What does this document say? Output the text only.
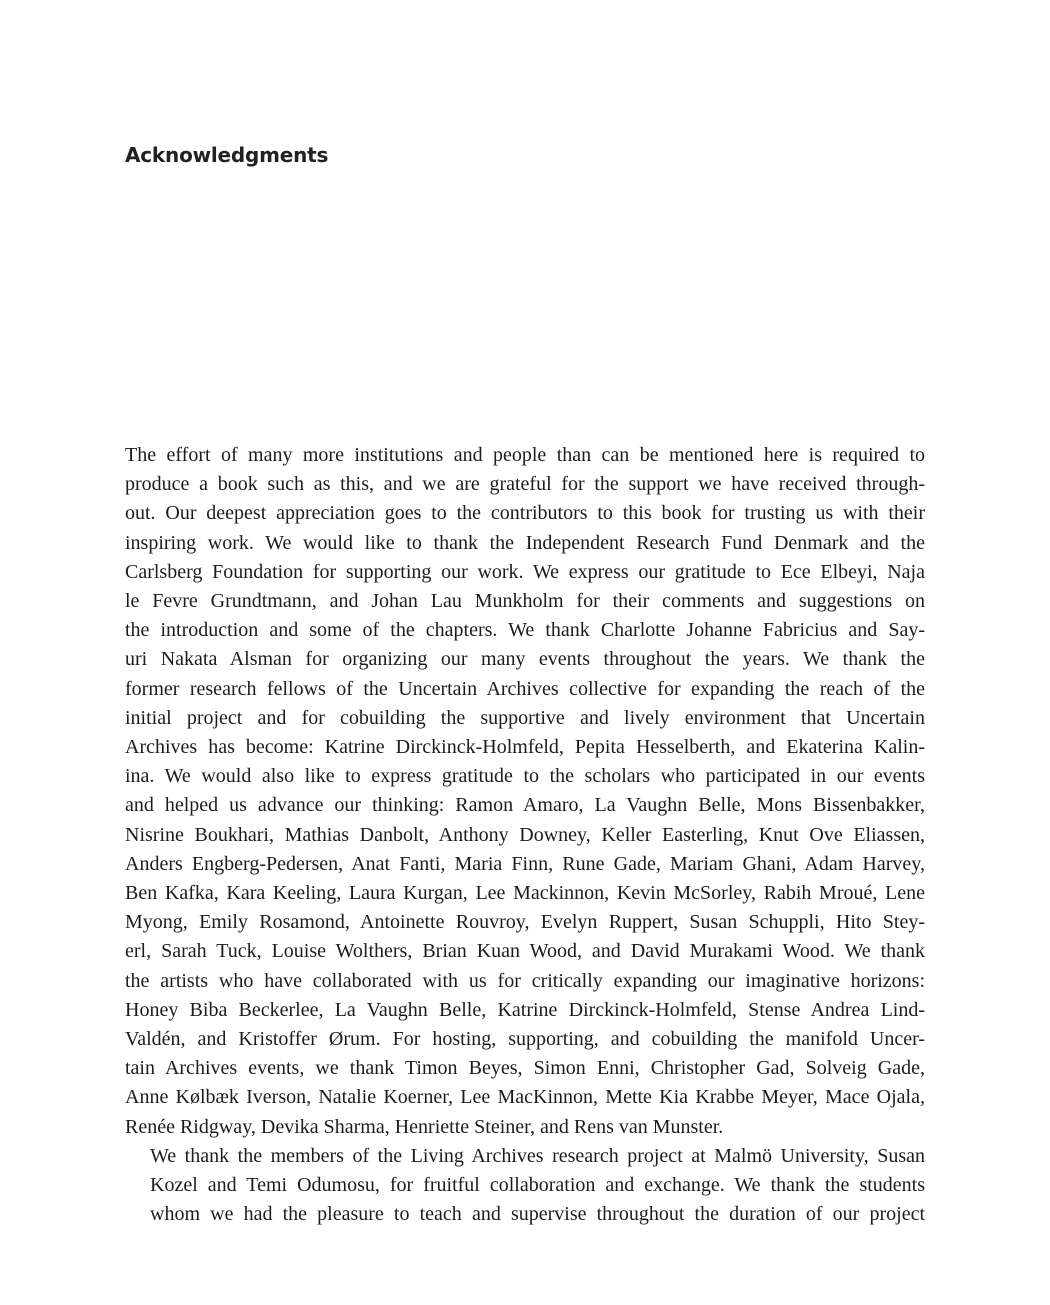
Acknowledgments

The effort of many more institutions and people than can be mentioned here is required to
produce a book such as this, and we are grateful for the support we have received through-
out. Our deepest appreciation goes to the contributors to this book for trusting us with their
inspiring work. We would like to thank the Independent Research Fund Denmark and the
Carlsberg Foundation for supporting our work. We express our gratitude to Ece Elbeyi, Naja
le Fevre Grundtmann, and Johan Lau Munkholm for their comments and suggestions on
the introduction and some of the chapters. We thank Charlotte Johanne Fabricius and Say-
uri Nakata Alsman for organizing our many events throughout the years. We thank the
former research fellows of the Uncertain Archives collective for expanding the reach of the
initial project and for cobuilding the supportive and lively environment that Uncertain
Archives has become: Katrine Dirckinck-Holmfeld, Pepita Hesselberth, and Ekaterina Kalin-
ina. We would also like to express gratitude to the scholars who participated in our events
and helped us advance our thinking: Ramon Amaro, La Vaughn Belle, Mons Bissenbakker,
Nisrine Boukhari, Mathias Danbolt, Anthony Downey, Keller Easterling, Knut Ove Eliassen,
Anders Engberg-Pedersen, Anat Fanti, Maria Finn, Rune Gade, Mariam Ghani, Adam Harvey,
Ben Kafka, Kara Keeling, Laura Kurgan, Lee Mackinnon, Kevin McSorley, Rabih Mroué, Lene
Myong, Emily Rosamond, Antoinette Rouvroy, Evelyn Ruppert, Susan Schuppli, Hito Stey-
erl, Sarah Tuck, Louise Wolthers, Brian Kuan Wood, and David Murakami Wood. We thank
the artists who have collaborated with us for critically expanding our imaginative horizons:
Honey Biba Beckerlee, La Vaughn Belle, Katrine Dirckinck-Holmfeld, Stense Andrea Lind-
Valdén, and Kristoffer Ørum. For hosting, supporting, and cobuilding the manifold Uncer-
tain Archives events, we thank Timon Beyes, Simon Enni, Christopher Gad, Solveig Gade,
Anne Kølbæk Iverson, Natalie Koerner, Lee MacKinnon, Mette Kia Krabbe Meyer, Mace Ojala,
Renée Ridgway, Devika Sharma, Henriette Steiner, and Rens van Munster.

We thank the members of the Living Archives research project at Malmö University, Susan
Kozel and Temi Odumosu, for fruitful collaboration and exchange. We thank the students
whom we had the pleasure to teach and supervise throughout the duration of our project
